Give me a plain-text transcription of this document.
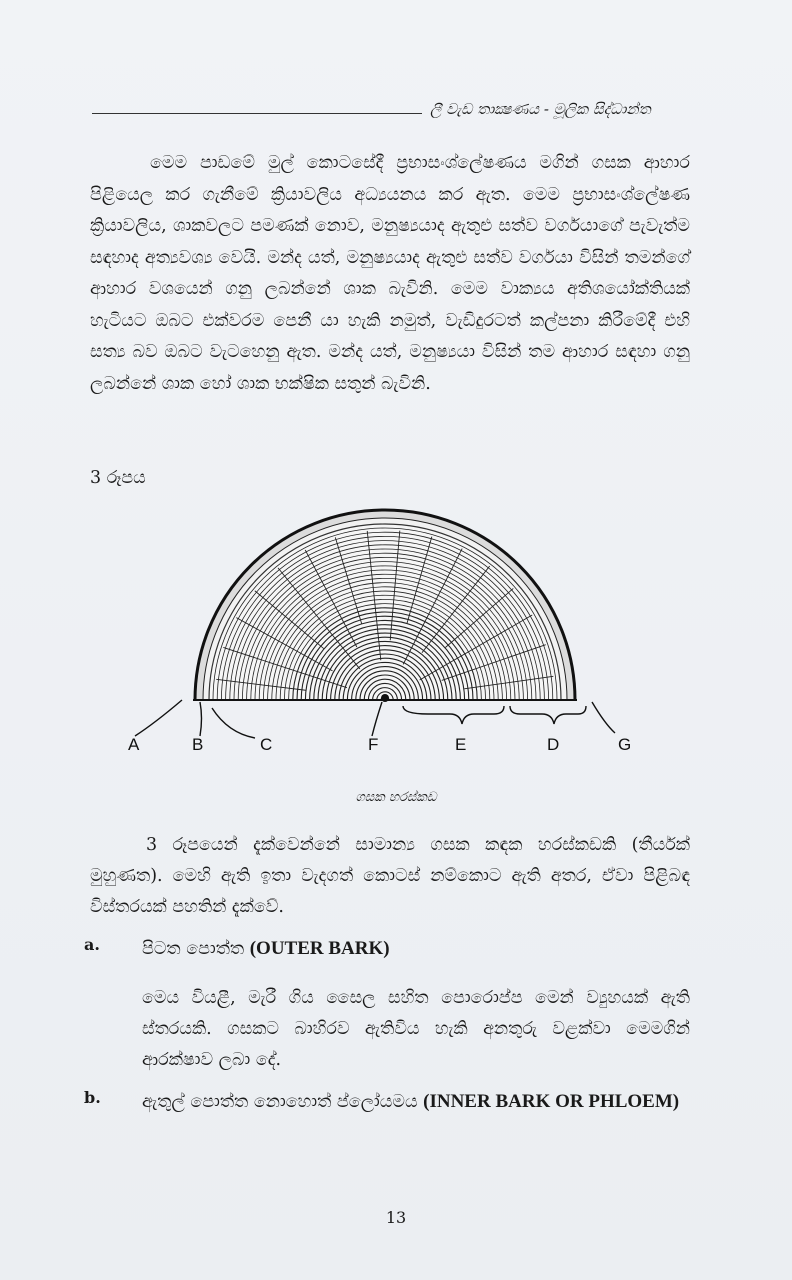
ලී වැඩ තාක්‍ෂණය - මූලික සිද්ධාන්ත
මෙම පාඩමේ මුල් කොටසේදී ප්‍රභාසංශ්ලේෂණය මගින් ගසක ආහාර පිළියෙල කර ගැනීමේ ක්‍රියාවලිය අධ්‍යයනය කර ඇත. මෙම ප්‍රභාසංශ්ලේෂණ ක්‍රියාවලිය, ශාකවලට පමණක් නොව, මනුෂ්‍යයාද ඇතුළු සත්ව වර්ගයාගේ පැවැත්ම සඳහාද අත්‍යවශ්‍ය වෙයි. මන්ද යත්, මනුෂ්‍යයාද ඇතුළු සත්ව වර්ගයා විසින් තමන්ගේ ආහාර වශයෙන් ගනු ලබන්නේ ශාක බැවිනි. මෙම වාක්‍යය අතිශයෝක්තියක් හැටියට ඔබට එක්වරම පෙනී යා හැකි නමුත්, වැඩිදුරටත් කල්පනා කිරීමේදී එහි සත්‍ය බව ඔබට වැටහෙනු ඇත. මන්ද යත්, මනුෂ්‍යයා විසින් තම ආහාර සඳහා ගනු ලබන්නේ ශාක හෝ ශාක භක්ෂික සතුන් බැවිනි.
3 රූපය
A	B	C	F	E	D	G
ගසක හරස්කඩ
3 රූපයෙන් දැක්වෙන්නේ සාමාන්‍ය ගසක කඳක හරස්කඩකි (තීර්යක් මුහුණත). මෙහි ඇති ඉතා වැදගත් කොටස් නම්කොට ඇති අතර, ඒවා පිළිබඳ විස්තරයක් පහතින් දැක්වේ.
a. පිටත පොත්ත (OUTER BARK)
මෙය වියළී, මැරී ගිය සෛල සහිත පොරොප්ප මෙන් ව්‍යුහයක් ඇති ස්තරයකි. ගසකට බාහිරව ඇතිවිය හැකි අනතුරු වළක්වා මෙමගින් ආරක්ෂාව ලබා දේ.
b. ඇතුල් පොත්ත නොහොත් ප්ලෝයමය (INNER BARK OR PHLOEM)
13
